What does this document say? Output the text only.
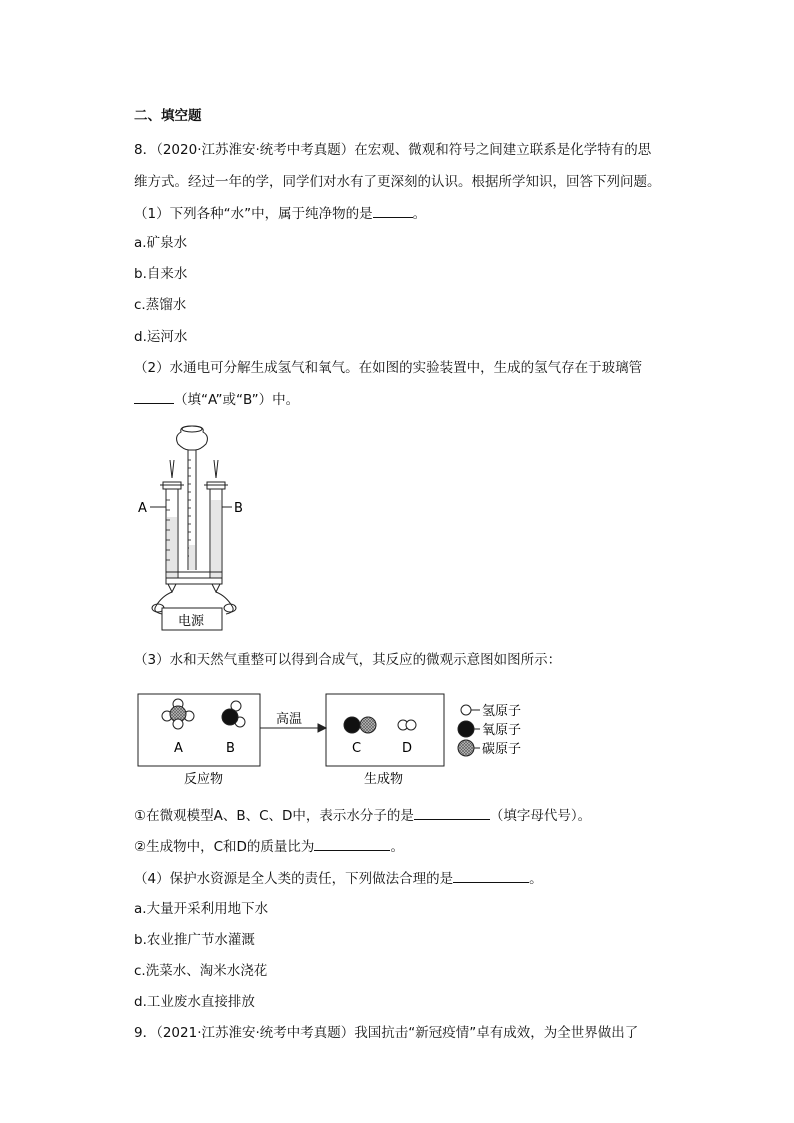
二、填空题
8．（2020·江苏淮安·统考中考真题）在宏观、微观和符号之间建立联系是化学特有的思
维方式。经过一年的学，同学们对水有了更深刻的认识。根据所学知识，回答下列问题。
（1）下列各种“水”中，属于纯净物的是	。
a.矿泉水
b.自来水
c.蒸馏水
d.运河水
（2）水通电可分解生成氢气和氧气。在如图的实验装置中，生成的氢气存在于玻璃管
（填“A”或“B”）中。
A	B
电源
（3）水和天然气重整可以得到合成气，其反应的微观示意图如图所示：
高温
A	B	C	D
反应物	生成物
氢原子
氧原子
碳原子
①在微观模型A、B、C、D中，表示水分子的是	（填字母代号）。
②生成物中，C和D的质量比为	。
（4）保护水资源是全人类的责任，下列做法合理的是	。
a.大量开采利用地下水
b.农业推广节水灌溉
c.洗菜水、淘米水浇花
d.工业废水直接排放
9．（2021·江苏淮安·统考中考真题）我国抗击“新冠疫情”卓有成效，为全世界做出了
